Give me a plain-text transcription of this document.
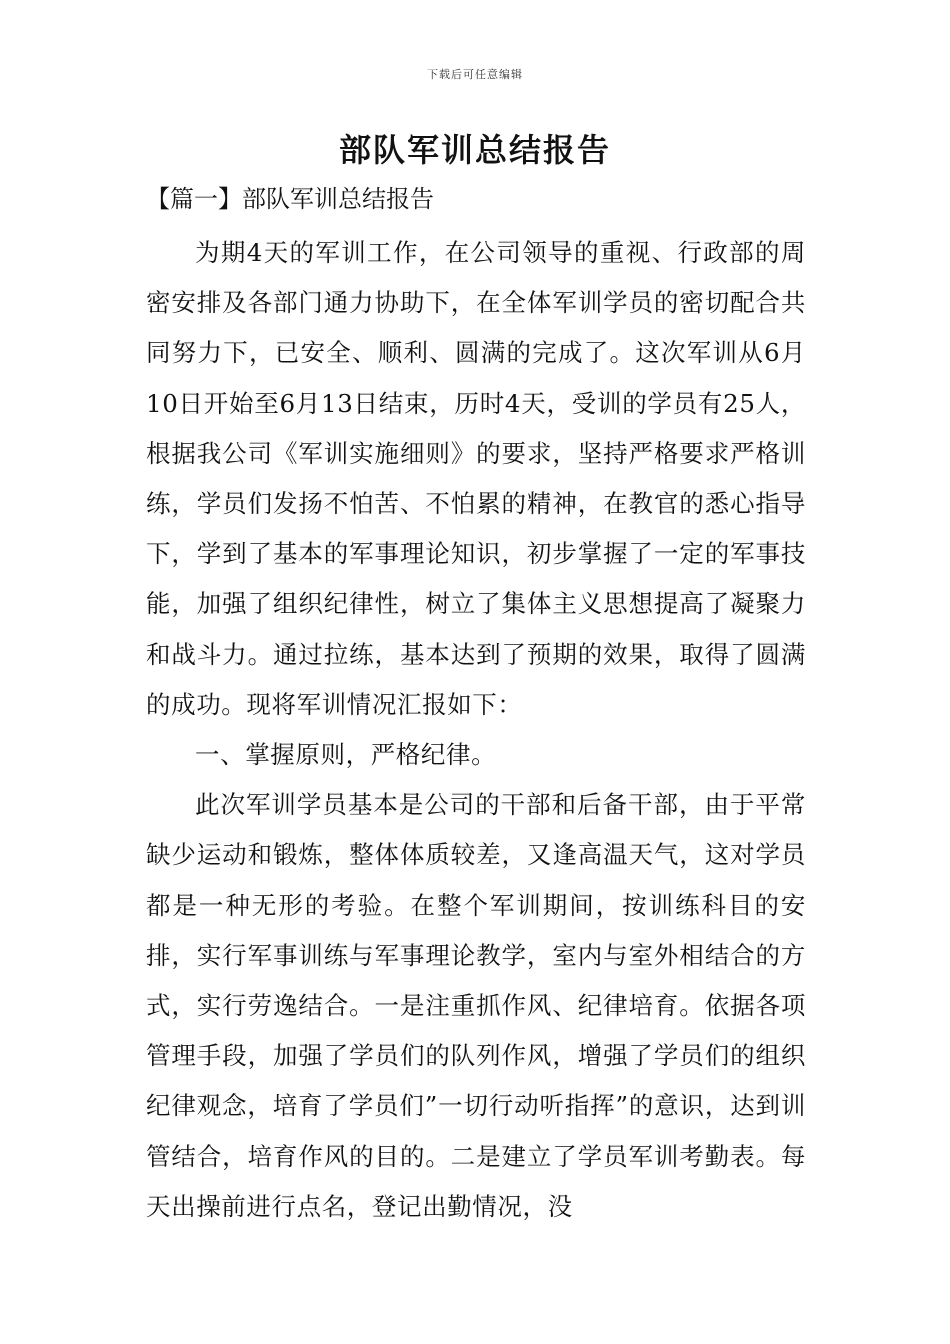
下载后可任意编辑
部队军训总结报告
【篇一】部队军训总结报告

为期4天的军训工作，在公司领导的重视、行政部的周密安排及各部门通力协助下，在全体军训学员的密切配合共同努力下，已安全、顺利、圆满的完成了。这次军训从6月10日开始至6月13日结束，历时4天，受训的学员有25人，根据我公司《军训实施细则》的要求，坚持严格要求严格训练，学员们发扬不怕苦、不怕累的精神，在教官的悉心指导下，学到了基本的军事理论知识，初步掌握了一定的军事技能，加强了组织纪律性，树立了集体主义思想提高了凝聚力和战斗力。通过拉练，基本达到了预期的效果，取得了圆满的成功。现将军训情况汇报如下：

一、掌握原则，严格纪律。

此次军训学员基本是公司的干部和后备干部，由于平常缺少运动和锻炼，整体体质较差，又逢高温天气，这对学员都是一种无形的考验。在整个军训期间，按训练科目的安排，实行军事训练与军事理论教学，室内与室外相结合的方式，实行劳逸结合。一是注重抓作风、纪律培育。依据各项管理手段，加强了学员们的队列作风，增强了学员们的组织纪律观念，培育了学员们”一切行动听指挥”的意识，达到训管结合，培育作风的目的。二是建立了学员军训考勤表。每天出操前进行点名，登记出勤情况，没
